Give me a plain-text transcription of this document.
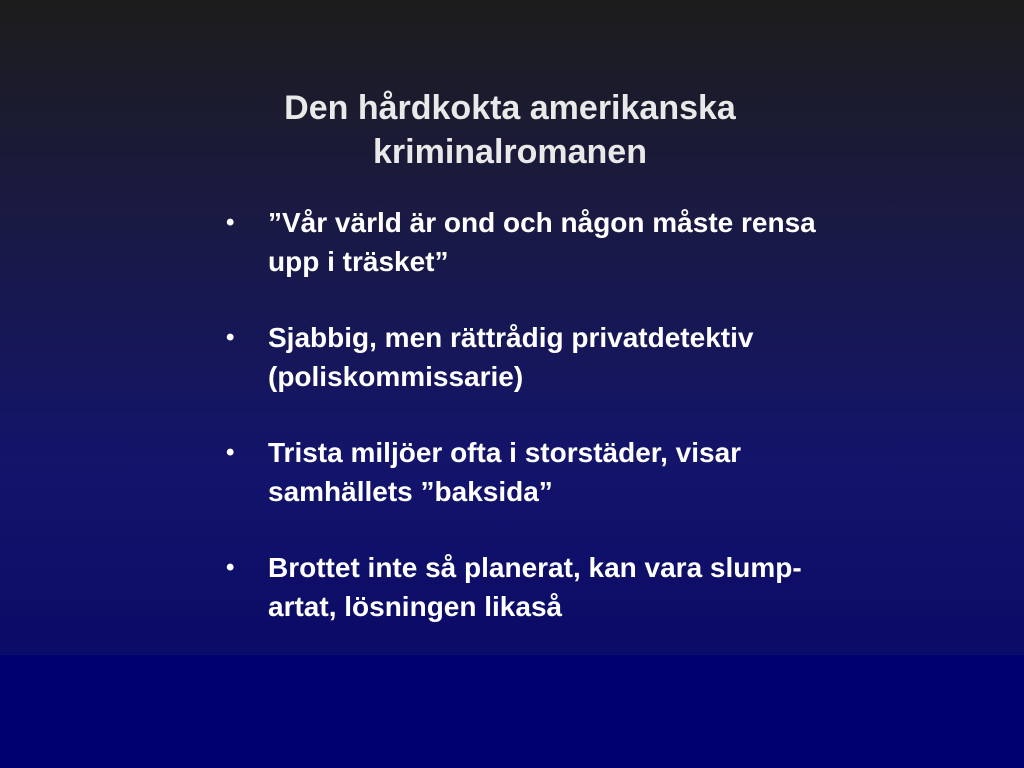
Den hårdkokta amerikanska
kriminalromanen
• ”Vår värld är ond och någon måste rensa
upp i träsket”
• Sjabbig, men rättrådig privatdetektiv
(poliskommissarie)
• Trista miljöer ofta i storstäder, visar
samhällets ”baksida”
• Brottet inte så planerat, kan vara slump-
artat, lösningen likaså
